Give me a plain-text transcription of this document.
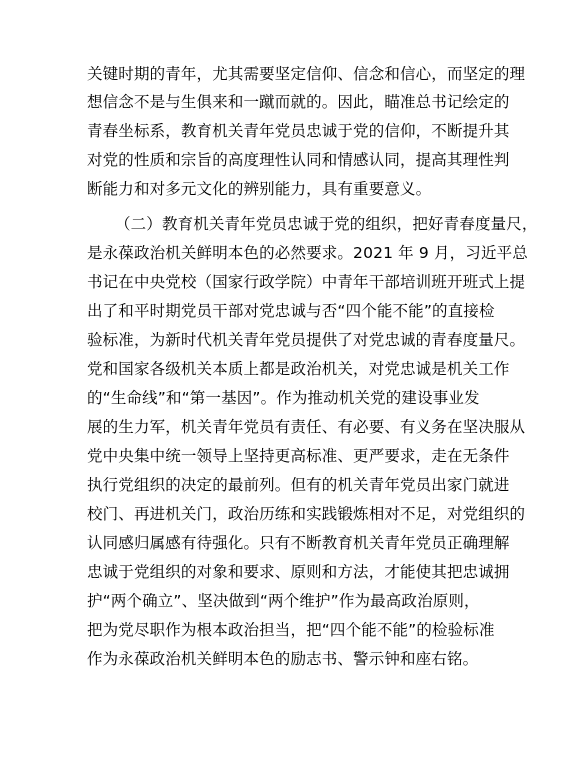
关键时期的青年，尤其需要坚定信仰、信念和信心，而坚定的理
想信念不是与生俱来和一蹴而就的。因此，瞄准总书记绘定的
青春坐标系，教育机关青年党员忠诚于党的信仰，不断提升其
对党的性质和宗旨的高度理性认同和情感认同，提高其理性判
断能力和对多元文化的辨别能力，具有重要意义。
（二）教育机关青年党员忠诚于党的组织，把好青春度量尺，
是永葆政治机关鲜明本色的必然要求。2021 年 9 月，习近平总
书记在中央党校（国家行政学院）中青年干部培训班开班式上提
出了和平时期党员干部对党忠诚与否“四个能不能”的直接检
验标准，为新时代机关青年党员提供了对党忠诚的青春度量尺。
党和国家各级机关本质上都是政治机关，对党忠诚是机关工作
的“生命线”和“第一基因”。作为推动机关党的建设事业发
展的生力军，机关青年党员有责任、有必要、有义务在坚决服从
党中央集中统一领导上坚持更高标准、更严要求，走在无条件
执行党组织的决定的最前列。但有的机关青年党员出家门就进
校门、再进机关门，政治历练和实践锻炼相对不足，对党组织的
认同感归属感有待强化。只有不断教育机关青年党员正确理解
忠诚于党组织的对象和要求、原则和方法，才能使其把忠诚拥
护“两个确立”、坚决做到“两个维护”作为最高政治原则，
把为党尽职作为根本政治担当，把“四个能不能”的检验标准
作为永葆政治机关鲜明本色的励志书、警示钟和座右铭。
